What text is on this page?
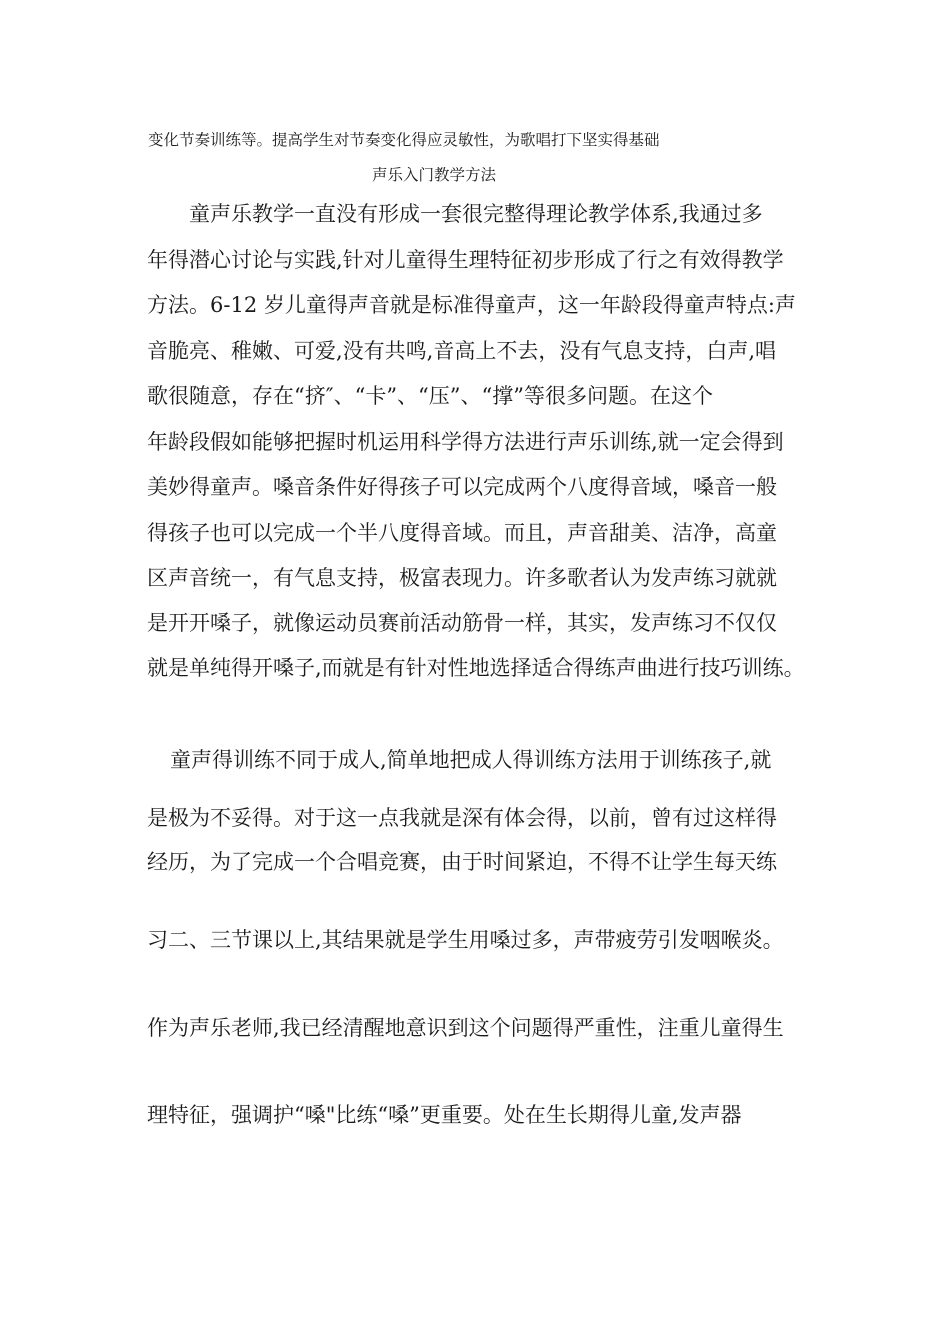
变化节奏训练等。提高学生对节奏变化得应灵敏性，为歌唱打下坚实得基础
声乐入门教学方法
　　童声乐教学一直没有形成一套很完整得理论教学体系,我通过多
年得潜心讨论与实践,针对儿童得生理特征初步形成了行之有效得教学
方法。6-12 岁儿童得声音就是标准得童声，这一年龄段得童声特点:声
音脆亮、稚嫩、可爱,没有共鸣,音高上不去，没有气息支持，白声,唱
歌很随意，存在“挤″、“卡”、“压”、“撑”等很多问题。在这个
年龄段假如能够把握时机运用科学得方法进行声乐训练,就一定会得到
美妙得童声。嗓音条件好得孩子可以完成两个八度得音域，嗓音一般
得孩子也可以完成一个半八度得音域。而且，声音甜美、洁净，高童
区声音统一，有气息支持，极富表现力。许多歌者认为发声练习就就
是开开嗓子，就像运动员赛前活动筋骨一样，其实，发声练习不仅仅
就是单纯得开嗓子,而就是有针对性地选择适合得练声曲进行技巧训练。
童声得训练不同于成人,简单地把成人得训练方法用于训练孩子,就
是极为不妥得。对于这一点我就是深有体会得，以前，曾有过这样得
经历，为了完成一个合唱竞赛，由于时间紧迫，不得不让学生每天练
习二、三节课以上,其结果就是学生用嗓过多，声带疲劳引发咽喉炎。
作为声乐老师,我已经清醒地意识到这个问题得严重性，注重儿童得生
理特征，强调护“嗓"比练“嗓”更重要。处在生长期得儿童,发声器
